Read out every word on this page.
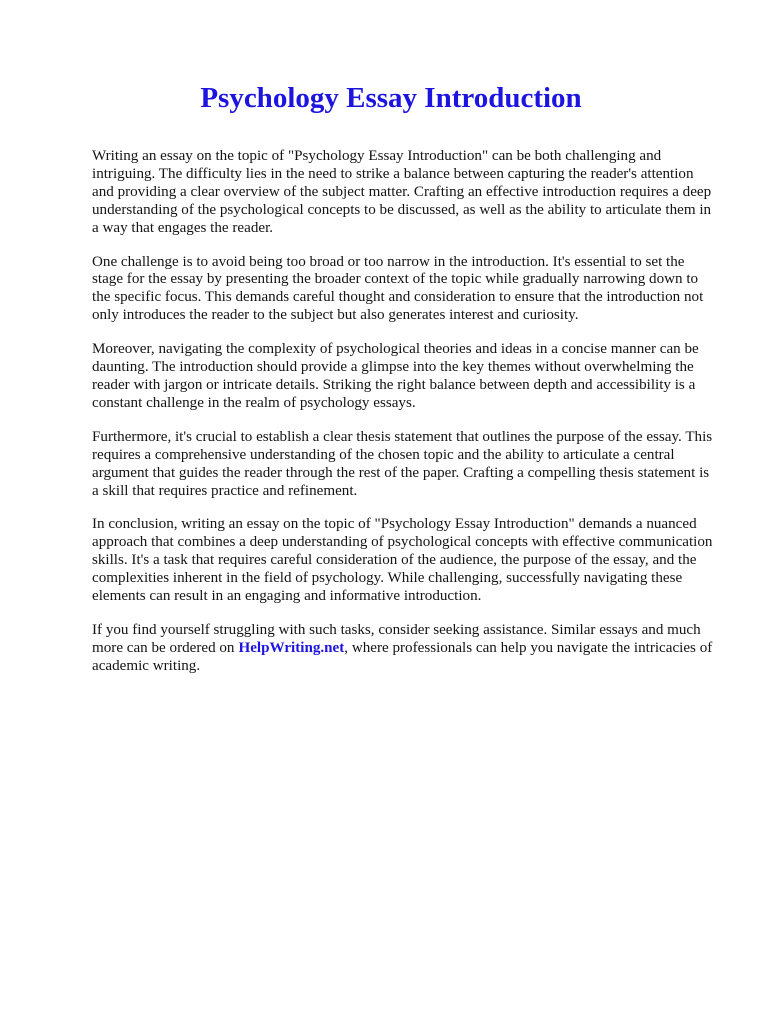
Psychology Essay Introduction

Writing an essay on the topic of "Psychology Essay Introduction" can be both challenging and intriguing. The difficulty lies in the need to strike a balance between capturing the reader's attention and providing a clear overview of the subject matter. Crafting an effective introduction requires a deep understanding of the psychological concepts to be discussed, as well as the ability to articulate them in a way that engages the reader.

One challenge is to avoid being too broad or too narrow in the introduction. It's essential to set the stage for the essay by presenting the broader context of the topic while gradually narrowing down to the specific focus. This demands careful thought and consideration to ensure that the introduction not only introduces the reader to the subject but also generates interest and curiosity.

Moreover, navigating the complexity of psychological theories and ideas in a concise manner can be daunting. The introduction should provide a glimpse into the key themes without overwhelming the reader with jargon or intricate details. Striking the right balance between depth and accessibility is a constant challenge in the realm of psychology essays.

Furthermore, it's crucial to establish a clear thesis statement that outlines the purpose of the essay. This requires a comprehensive understanding of the chosen topic and the ability to articulate a central argument that guides the reader through the rest of the paper. Crafting a compelling thesis statement is a skill that requires practice and refinement.

In conclusion, writing an essay on the topic of "Psychology Essay Introduction" demands a nuanced approach that combines a deep understanding of psychological concepts with effective communication skills. It's a task that requires careful consideration of the audience, the purpose of the essay, and the complexities inherent in the field of psychology. While challenging, successfully navigating these elements can result in an engaging and informative introduction.

If you find yourself struggling with such tasks, consider seeking assistance. Similar essays and much more can be ordered on HelpWriting.net, where professionals can help you navigate the intricacies of academic writing.
